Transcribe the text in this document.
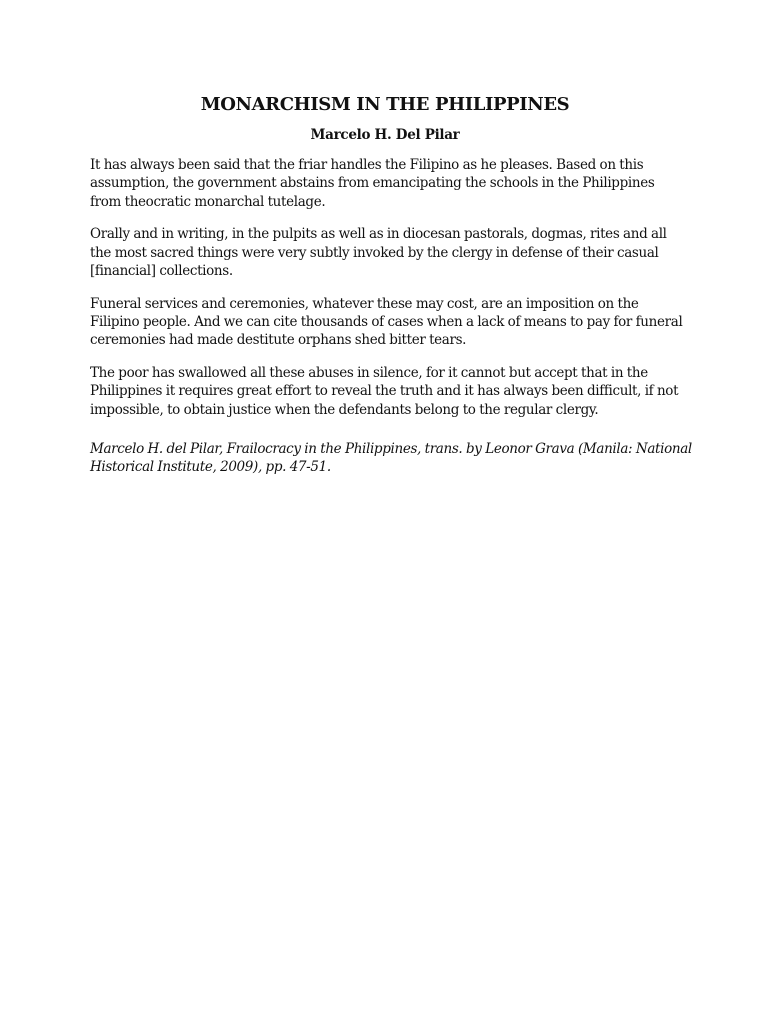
MONARCHISM IN THE PHILIPPINES
Marcelo H. Del Pilar

It has always been said that the friar handles the Filipino as he pleases. Based on this
assumption, the government abstains from emancipating the schools in the Philippines
from theocratic monarchal tutelage.

Orally and in writing, in the pulpits as well as in diocesan pastorals, dogmas, rites and all
the most sacred things were very subtly invoked by the clergy in defense of their casual
[financial] collections.

Funeral services and ceremonies, whatever these may cost, are an imposition on the
Filipino people. And we can cite thousands of cases when a lack of means to pay for funeral
ceremonies had made destitute orphans shed bitter tears.

The poor has swallowed all these abuses in silence, for it cannot but accept that in the
Philippines it requires great effort to reveal the truth and it has always been difficult, if not
impossible, to obtain justice when the defendants belong to the regular clergy.

Marcelo H. del Pilar, Frailocracy in the Philippines, trans. by Leonor Grava (Manila: National
Historical Institute, 2009), pp. 47-51.
